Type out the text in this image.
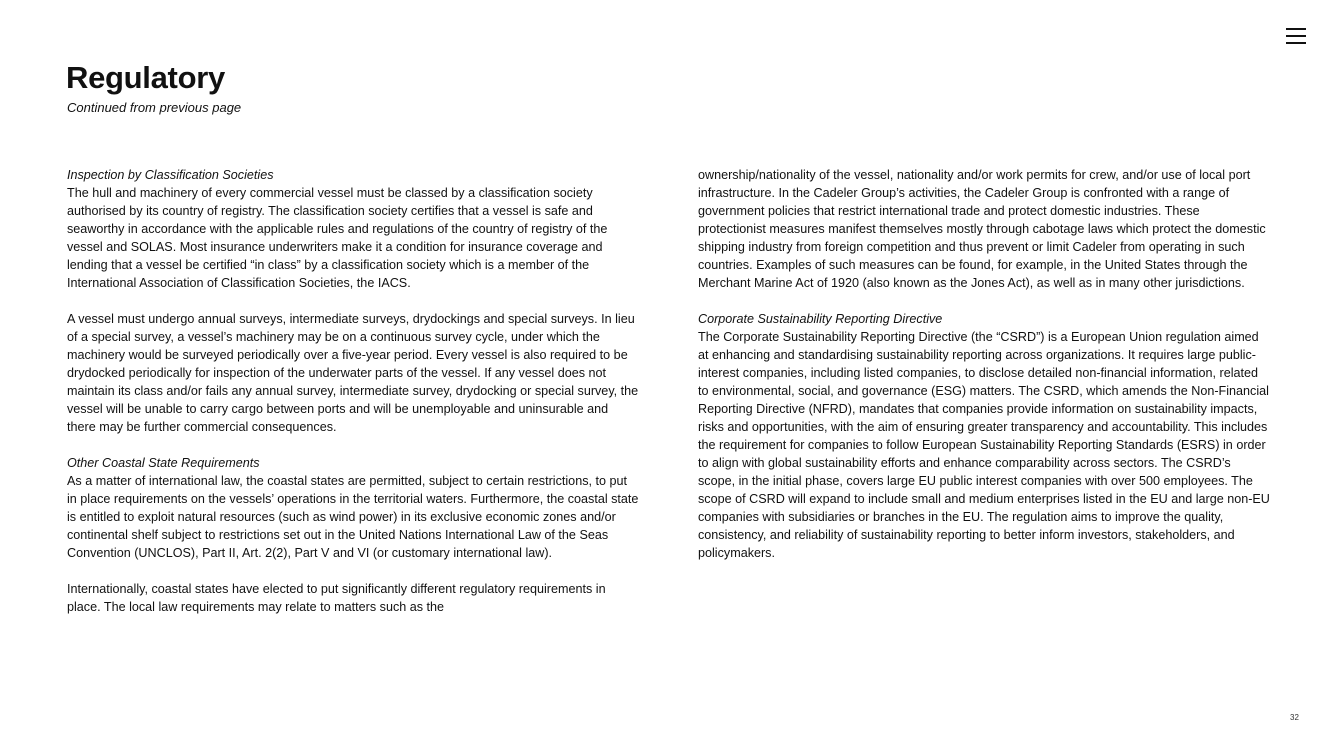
Regulatory
Continued from previous page

Inspection by Classification Societies

The hull and machinery of every commercial vessel must be classed by a classification society authorised by its country of registry. The classification society certifies that a vessel is safe and seaworthy in accordance with the applicable rules and regulations of the country of registry of the vessel and SOLAS. Most insurance underwriters make it a condition for insurance coverage and lending that a vessel be certified “in class” by a classification society which is a member of the International Association of Classification Societies, the IACS.

A vessel must undergo annual surveys, intermediate surveys, drydockings and special surveys. In lieu of a special survey, a vessel’s machinery may be on a continuous survey cycle, under which the machinery would be surveyed periodically over a five-year period. Every vessel is also required to be drydocked periodically for inspection of the underwater parts of the vessel. If any vessel does not maintain its class and/or fails any annual survey, intermediate survey, drydocking or special survey, the vessel will be unable to carry cargo between ports and will be unemployable and uninsurable and there may be further commercial consequences.

Other Coastal State Requirements

As a matter of international law, the coastal states are permitted, subject to certain restrictions, to put in place requirements on the vessels’ operations in the territorial waters. Furthermore, the coastal state is entitled to exploit natural resources (such as wind power) in its exclusive economic zones and/or continental shelf subject to restrictions set out in the United Nations International Law of the Seas Convention (UNCLOS), Part II, Art. 2(2), Part V and VI (or customary international law).

Internationally, coastal states have elected to put significantly different regulatory requirements in place. The local law requirements may relate to matters such as the

ownership/nationality of the vessel, nationality and/or work permits for crew, and/or use of local port infrastructure. In the Cadeler Group’s activities, the Cadeler Group is confronted with a range of government policies that restrict international trade and protect domestic industries. These protectionist measures manifest themselves mostly through cabotage laws which protect the domestic shipping industry from foreign competition and thus prevent or limit Cadeler from operating in such countries. Examples of such measures can be found, for example, in the United States through the Merchant Marine Act of 1920 (also known as the Jones Act), as well as in many other jurisdictions.

Corporate Sustainability Reporting Directive

The Corporate Sustainability Reporting Directive (the “CSRD”) is a European Union regulation aimed at enhancing and standardising sustainability reporting across organizations. It requires large public-interest companies, including listed companies, to disclose detailed non-financial information, related to environmental, social, and governance (ESG) matters. The CSRD, which amends the Non-Financial Reporting Directive (NFRD), mandates that companies provide information on sustainability impacts, risks and opportunities, with the aim of ensuring greater transparency and accountability. This includes the requirement for companies to follow European Sustainability Reporting Standards (ESRS) in order to align with global sustainability efforts and enhance comparability across sectors. The CSRD’s scope, in the initial phase, covers large EU public interest companies with over 500 employees. The scope of CSRD will expand to include small and medium enterprises listed in the EU and large non-EU companies with subsidiaries or branches in the EU. The regulation aims to improve the quality, consistency, and reliability of sustainability reporting to better inform investors, stakeholders, and policymakers.

32
